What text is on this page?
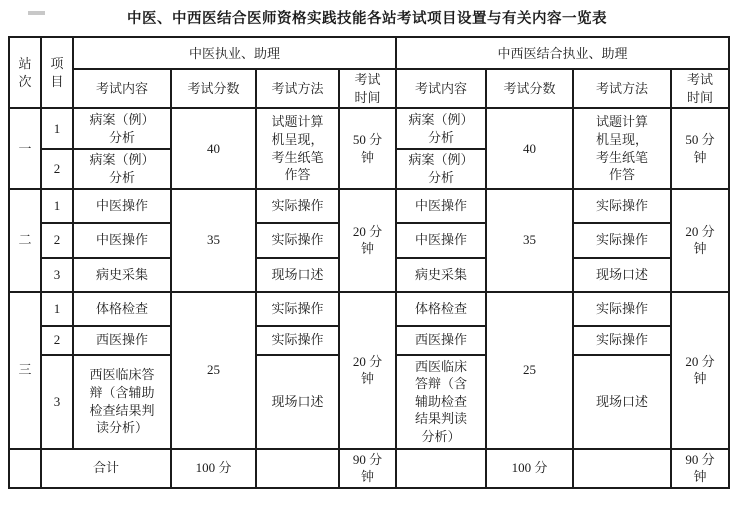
中医、中西医结合医师资格实践技能各站考试项目设置与有关内容一览表
站次	项目	中医执业、助理				中西医结合执业、助理			
		考试内容	考试分数	考试方法	考试时间	考试内容	考试分数	考试方法	考试时间

一	1	病案（例）分析	40	试题计算机呈现，考生纸笔作答	50 分钟	病案（例）分析	40	试题计算机呈现，考生纸笔作答	50 分钟

	2	病案（例）分析				病案（例）分析			

二	1	中医操作	35	实际操作	20 分钟	中医操作	35	实际操作	20 分钟

	2	中医操作		实际操作		中医操作		实际操作	
	3	病史采集		现场口述		病史采集		现场口述	
三	1	体格检查	25	实际操作	20 分钟	体格检查	25	实际操作	20 分钟

	2	西医操作		实际操作		西医操作		实际操作	
	3	西医临床答辩（含辅助检查结果判读分析）		现场口述		西医临床答辩（含辅助检查结果判读分析）		现场口述	
	合计		100 分		90 分钟		100 分		90 分钟
